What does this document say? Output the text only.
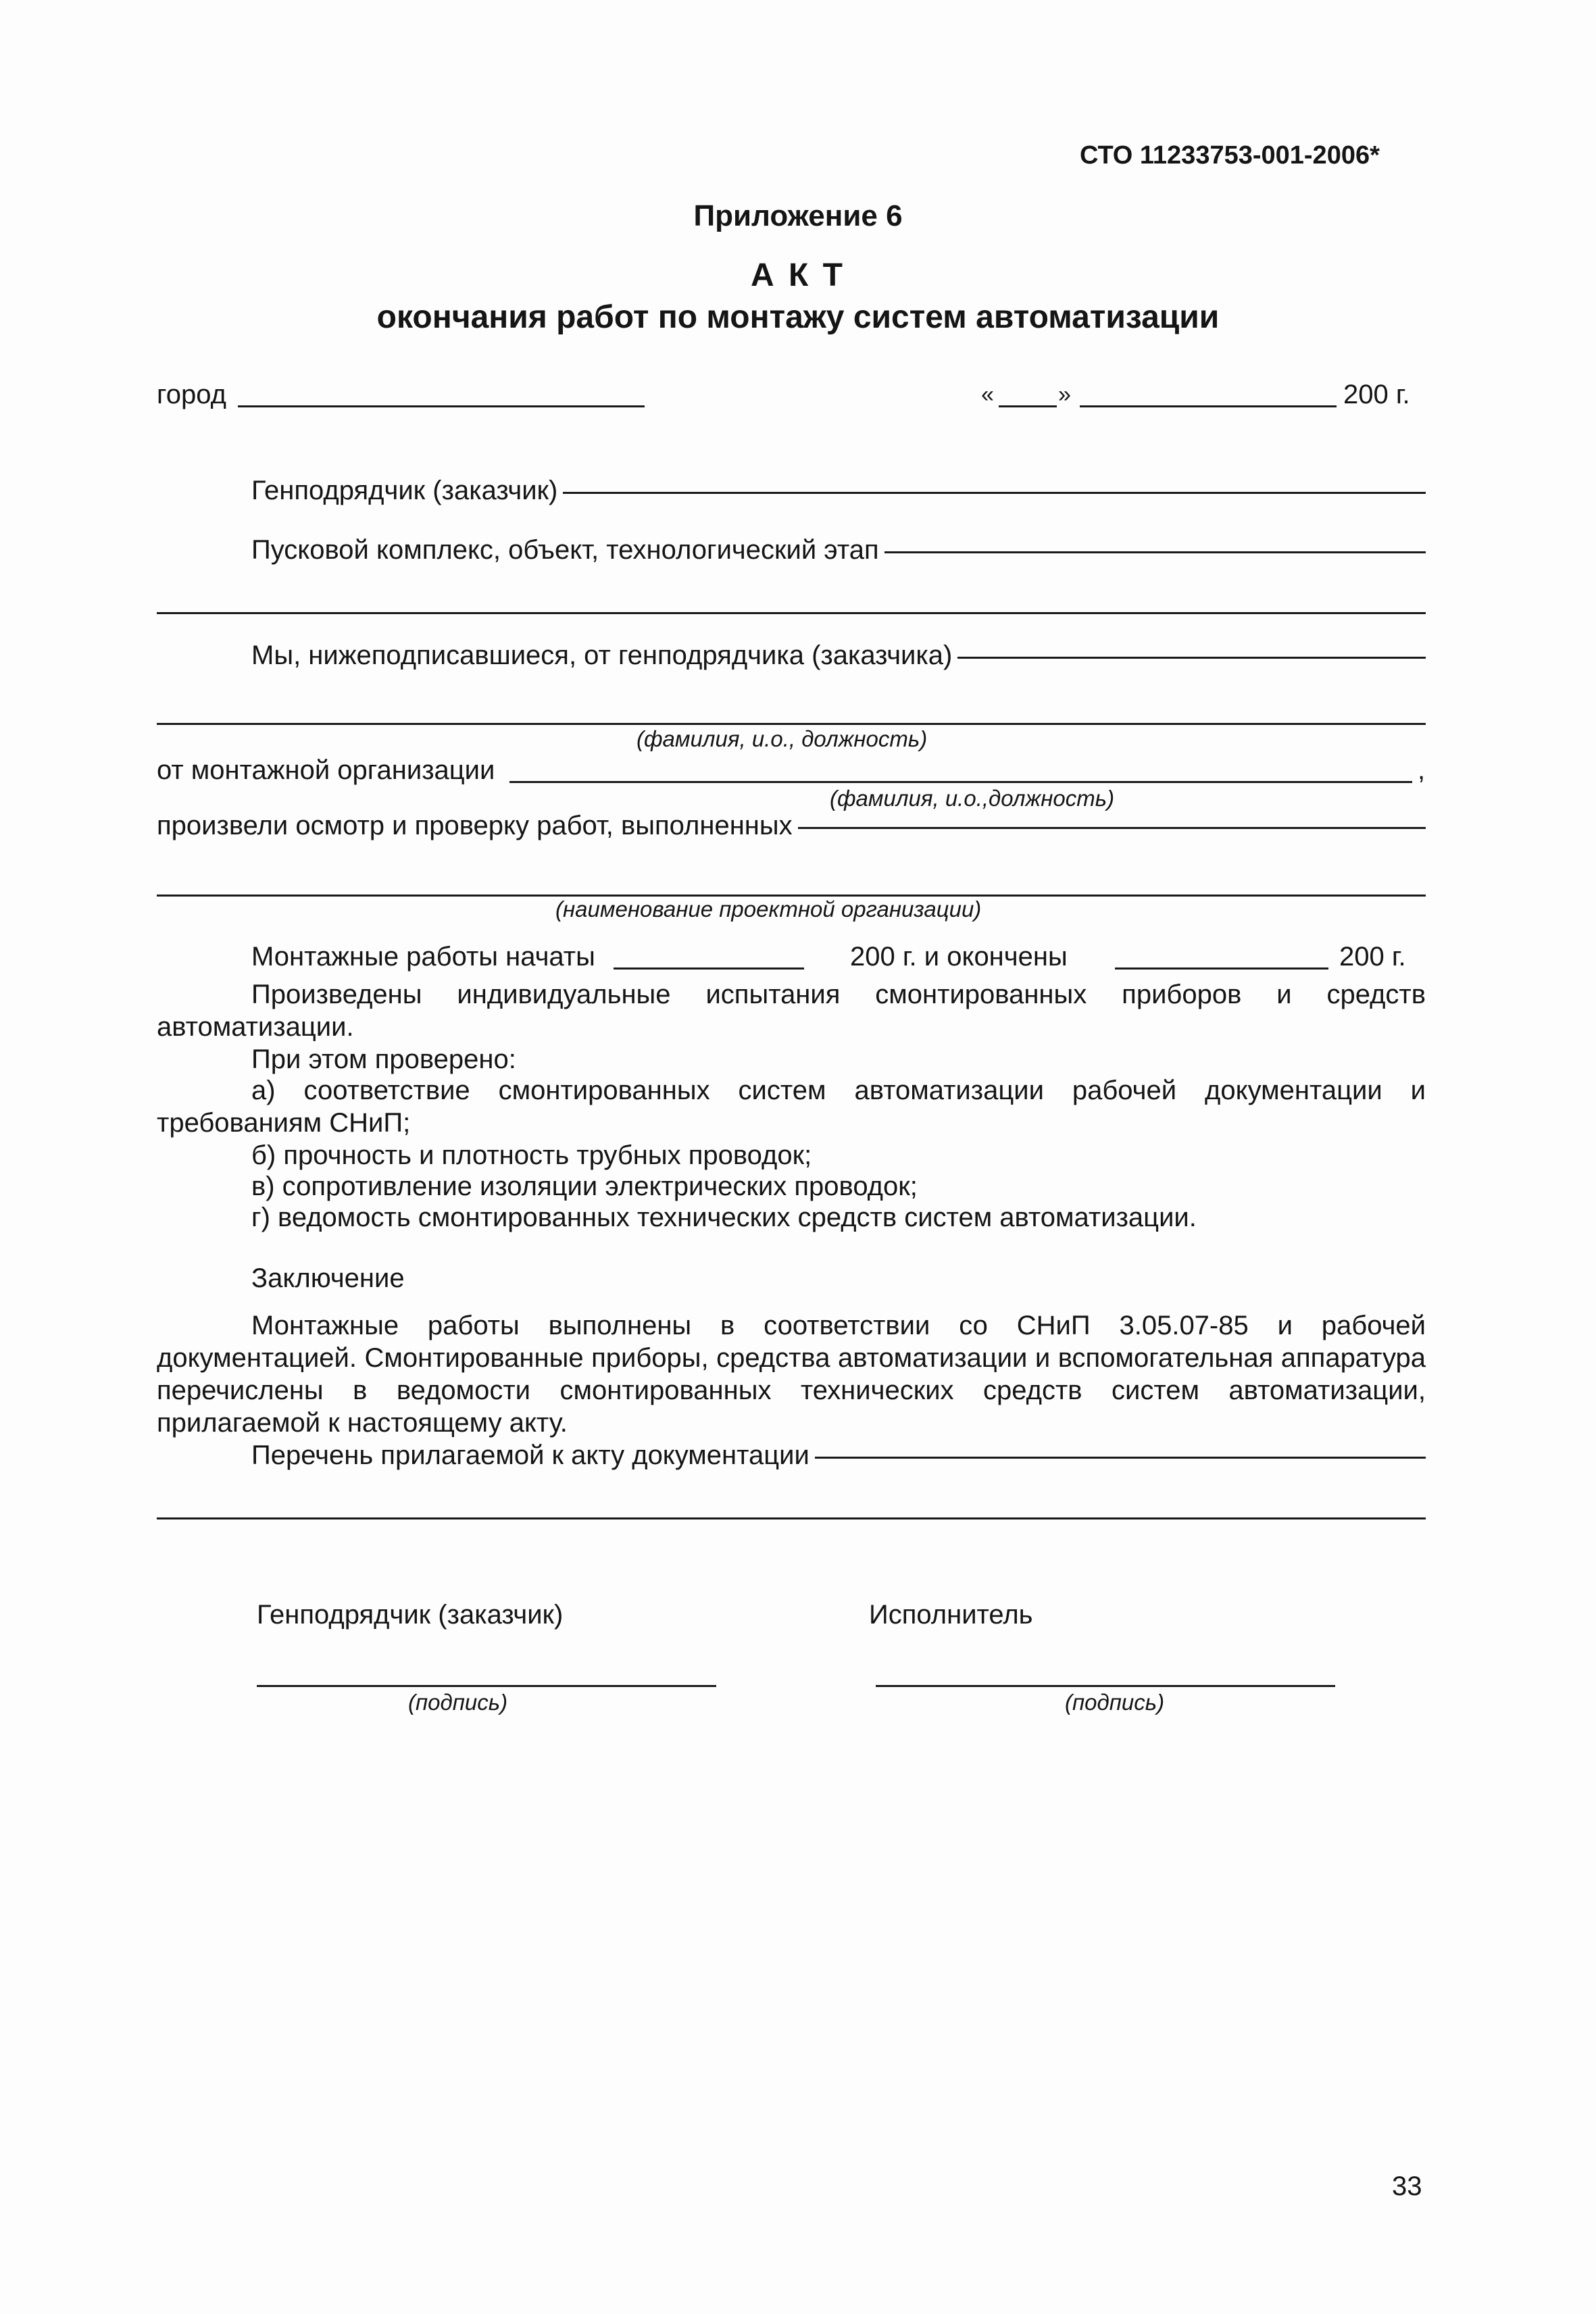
СТО 11233753-001-2006*
Приложение 6
А К Т
окончания работ по монтажу систем автоматизации
город	«	»	200 г.
Генподрядчик (заказчик)
Пусковой комплекс, объект, технологический этап
Мы, нижеподписавшиеся, от генподрядчика (заказчика)
(фамилия, и.о., должность)
от монтажной организации	,
(фамилия, и.о.,должность)
произвели осмотр и проверку работ, выполненных
(наименование проектной организации)
Монтажные работы начаты	200 г. и окончены	200 г.
Произведены индивидуальные испытания смонтированных приборов и средств автоматизации.
При этом проверено:
а) соответствие смонтированных систем автоматизации рабочей документации и требованиям СНиП;
б) прочность и плотность трубных проводок;
в) сопротивление изоляции электрических проводок;
г) ведомость смонтированных технических средств систем автоматизации.
Заключение
Монтажные работы выполнены в соответствии со СНиП 3.05.07-85 и рабочей документацией. Смонтированные приборы, средства автоматизации и вспомогательная аппаратура перечислены в ведомости смонтированных технических средств систем автоматизации, прилагаемой к настоящему акту.
Перечень прилагаемой к акту документации
Генподрядчик (заказчик)	Исполнитель
(подпись)	(подпись)
33
